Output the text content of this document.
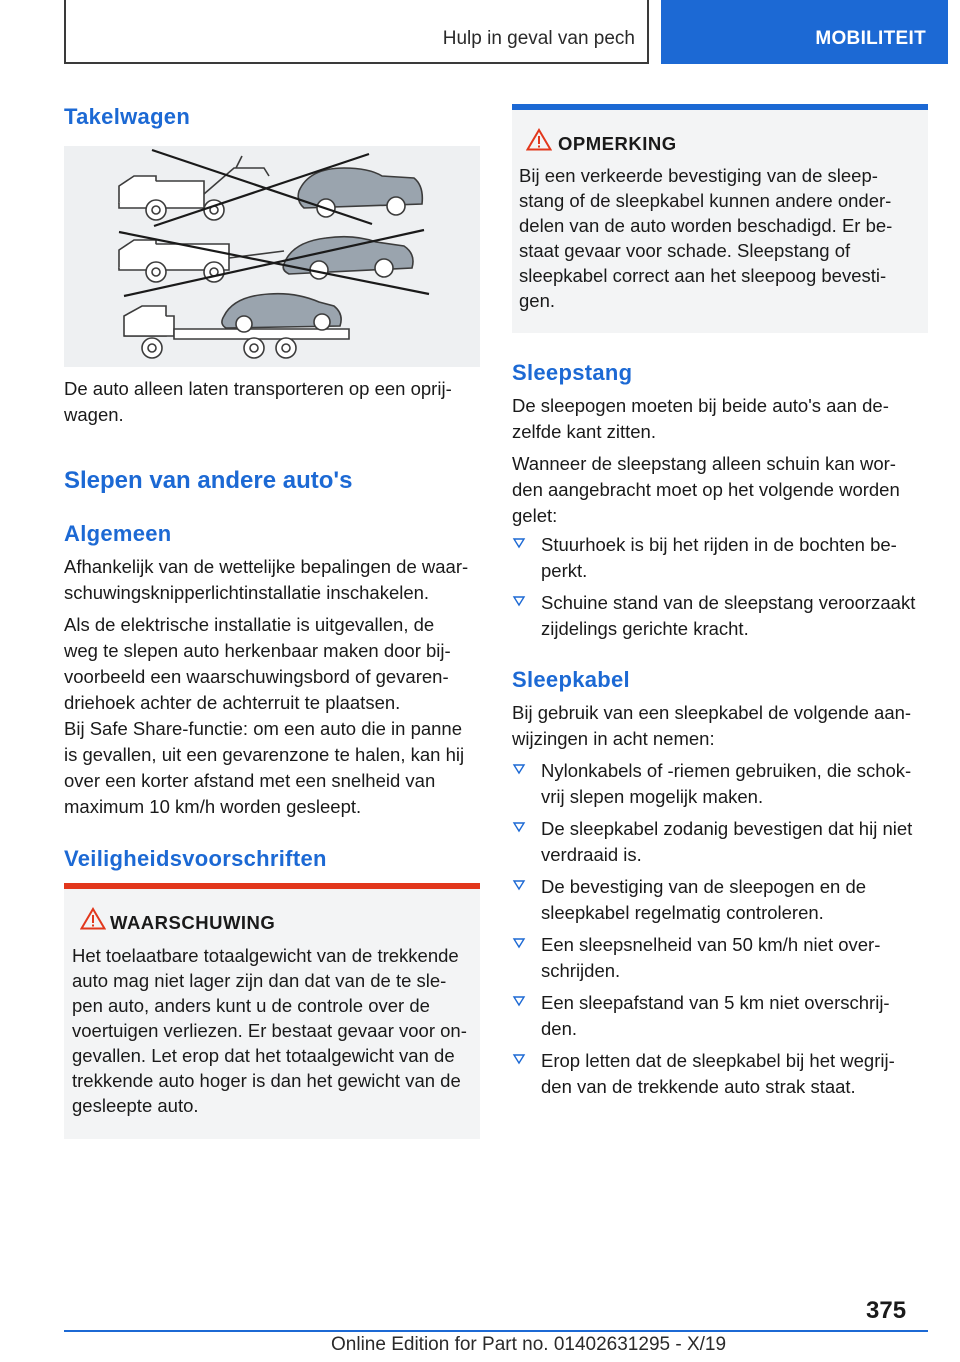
Hulp in geval van pech	MOBILITEIT
Takelwagen
De auto alleen laten transporteren op een oprij-
wagen.
Slepen van andere auto's
Algemeen
Afhankelijk van de wettelijke bepalingen de waar-
schuwingsknipperlichtinstallatie inschakelen.
Als de elektrische installatie is uitgevallen, de
weg te slepen auto herkenbaar maken door bij-
voorbeeld een waarschuwingsbord of gevaren-
driehoek achter de achterruit te plaatsen.
Bij Safe Share-functie: om een auto die in panne
is gevallen, uit een gevarenzone te halen, kan hij
over een korter afstand met een snelheid van
maximum 10 km/h worden gesleept.
Veiligheidsvoorschriften
WAARSCHUWING
Het toelaatbare totaalgewicht van de trekkende
auto mag niet lager zijn dan dat van de te sle-
pen auto, anders kunt u de controle over de
voertuigen verliezen. Er bestaat gevaar voor on-
gevallen. Let erop dat het totaalgewicht van de
trekkende auto hoger is dan het gewicht van de
gesleepte auto.
OPMERKING
Bij een verkeerde bevestiging van de sleep-
stang of de sleepkabel kunnen andere onder-
delen van de auto worden beschadigd. Er be-
staat gevaar voor schade. Sleepstang of
sleepkabel correct aan het sleepoog bevesti-
gen.
Sleepstang
De sleepogen moeten bij beide auto's aan de-
zelfde kant zitten.
Wanneer de sleepstang alleen schuin kan wor-
den aangebracht moet op het volgende worden
gelet:
Stuurhoek is bij het rijden in de bochten be-
perkt.
Schuine stand van de sleepstang veroorzaakt
zijdelings gerichte kracht.
Sleepkabel
Bij gebruik van een sleepkabel de volgende aan-
wijzingen in acht nemen:
Nylonkabels of -riemen gebruiken, die schok-
vrij slepen mogelijk maken.
De sleepkabel zodanig bevestigen dat hij niet
verdraaid is.
De bevestiging van de sleepogen en de
sleepkabel regelmatig controleren.
Een sleepsnelheid van 50 km/h niet over-
schrijden.
Een sleepafstand van 5 km niet overschrij-
den.
Erop letten dat de sleepkabel bij het wegrij-
den van de trekkende auto strak staat.
375
Online Edition for Part no. 01402631295 - X/19
